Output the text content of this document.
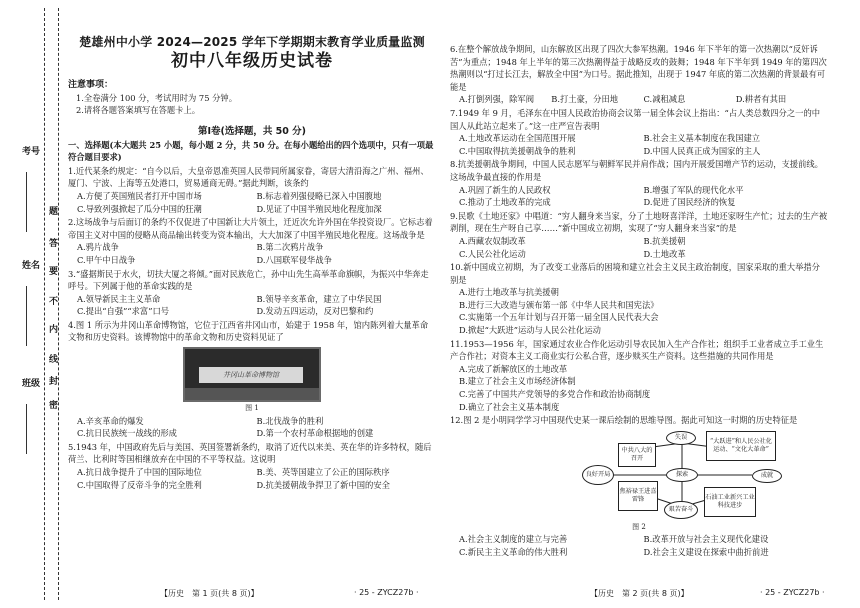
考号
姓名
班级
题
答
要
不
内
线
封
密
楚雄州中小学 2024—2025 学年下学期期末教育学业质量监测
初中八年级历史试卷
注意事项：
1.全卷满分 100 分，考试用时为 75 分钟。
2.请将各题答案填写在答题卡上。
第Ⅰ卷(选择题，共 50 分)
一、选择题(本大题共 25 小题，每小题 2 分，共 50 分。在每小题给出的四个选项中，只有一项最符合题目要求)
1.近代某条约规定：“自今以后，大皇帝恩准英国人民带同所属家眷，寄居大清沿海之广州、福州、厦门、宁波、上海等五处港口，贸易通商无碍。”据此判断，该条约
A.方便了英国殖民者打开中国市场	B.标志着列强侵略已深入中国腹地
C.导致列强掀起了瓜分中国的狂潮	D.见证了中国半殖民地化程度加深
2.这场战争与后面订的条约不仅促进了中国新让大片领土，迁近次允许外国在华投资设厂。它标志着帝国主义对中国的侵略从商品输出转变为资本输出，大大加深了中国半殖民地化程度。这场战争是
A.鸦片战争	B.第二次鸦片战争
C.甲午中日战争	D.八国联军侵华战争
3.“盛据斯民于水火，切扶大厦之将倾。”面对民族危亡，孙中山先生高举革命旗帜，为振兴中华奔走呼号。下列属于他的革命实践的是
A.领导新民主主义革命	B.领导辛亥革命，建立了中华民国
C.提出“自强”“求富”口号	D.发动五四运动，反对巴黎和约
4.图 1 所示为井冈山革命博物馆，它位于江西省井冈山市，始建于 1958 年，馆内陈列着大量革命文物和历史资料。该博物馆中的革命文物和历史资料见证了
井冈山革命博物馆
图 1
A.辛亥革命的爆发	B.北伐战争的胜利
C.抗日民族统一战线的形成	D.第一个农村革命根据地的创建
5.1943 年，中国政府先后与美国、英国签署新条约，取消了近代以来美、英在华的许多特权，随后荷兰、比利时等国相继放弃在中国的不平等权益。这说明
A.抗日战争提升了中国的国际地位	B.美、英等国建立了公正的国际秩序
C.中国取得了反帝斗争的完全胜利	D.抗美援朝战争捍卫了新中国的安全
6.在整个解放战争期间，山东解放区出现了四次大参军热潮。1946 年下半年的第一次热潮以“反奸诉苦”为重点；1948 年上半年的第三次热潮得益于战略反攻的鼓舞；1948 年下半年到 1949 年的第四次热潮则以“打过长江去，解放全中国”为口号。据此推知，出现于 1947 年底的第二次热潮的背景最有可能是
A.打倒列强，除军阀	B.打土豪，分田地	C.减租减息	D.耕者有其田
7.1949 年 9 月，毛泽东在中国人民政治协商会议第一届全体会议上指出：“占人类总数四分之一的中国人从此站立起来了。”这一庄严宣告表明
A.土地改革运动在全国范围开展	B.社会主义基本制度在我国建立
C.中国取得抗美援朝战争的胜利	D.中国人民真正成为国家的主人
8.抗美援朝战争期间，中国人民志愿军与朝鲜军民并肩作战；国内开展爱国增产节约运动，支援前线。这场战争最直接的作用是
A.巩固了新生的人民政权	B.增强了军队的现代化水平
C.推动了土地改革的完成	D.促进了国民经济的恢复
9.民歌《土地还家》中唱道：“穷人翻身来当家，分了土地呀喜洋洋，土地还家呀生产忙；过去的生产被剥削，现在生产呀自己享……”新中国成立初期，实现了“穷人翻身来当家”的是
A.西藏农奴制改革	B.抗美援朝
C.人民公社化运动	D.土地改革
10.新中国成立初期，为了改变工业落后的困境和建立社会主义民主政治制度，国家采取的重大举措分别是
A.进行土地改革与抗美援朝
B.进行三大改造与颁布第一部《中华人民共和国宪法》
C.实施第一个五年计划与召开第一届全国人民代表大会
D.掀起“大跃进”运动与人民公社化运动
11.1953—1956 年，国家通过农业合作化运动引导农民加入生产合作社；组织手工业者成立手工业生产合作社；对资本主义工商业实行公私合营，逐步赎买生产资料。这些措施的共同作用是
A.完成了新解放区的土地改革
B.建立了社会主义市场经济体制
C.完善了中国共产党领导的多党合作和政治协商制度
D.确立了社会主义基本制度
12.图 2 是小明同学学习中国现代史某一课后绘制的思维导图。据此可知这一时期的历史特征是
失误
成就
良好开局	探索
艰苦奋斗
中共八大的召开
“大跃进”和人民公社化运动、“文化大革命”
焦裕禄王进喜雷锋	石油工业新兴工业科技进步
图 2
A.社会主义制度的建立与完善	B.改革开放与社会主义现代化建设
C.新民主主义革命的伟大胜利	D.社会主义建设在探索中曲折前进
【历史　第 1 页(共 8 页)】	· 25 - ZYCZ27b ·	【历史　第 2 页(共 8 页)】	· 25 - ZYCZ27b ·
